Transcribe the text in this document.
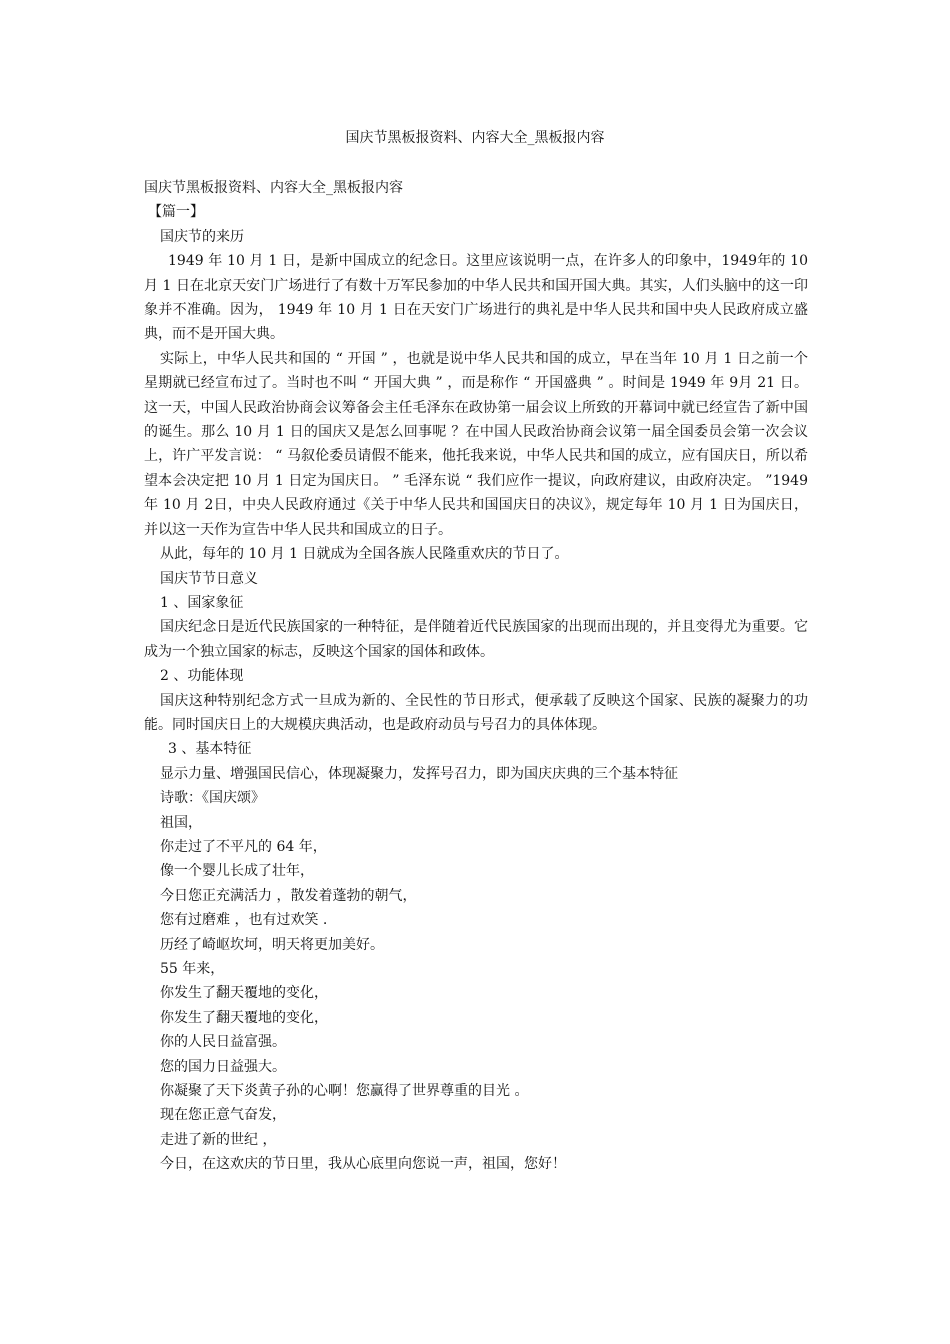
国庆节黑板报资料、内容大全_黑板报内容
国庆节黑板报资料、内容大全_黑板报内容
【篇一】
国庆节的来历
1949 年 10 月 1 日，是新中国成立的纪念日。这里应该说明一点，在许多人的印象中，1949年的 10 月 1 日在北京天安门广场进行了有数十万军民参加的中华人民共和国开国大典。其实，人们头脑中的这一印象并不准确。因为， 1949 年 10 月 1 日在天安门广场进行的典礼是中华人民共和国中央人民政府成立盛典，而不是开国大典。
实际上，中华人民共和国的 “ 开国 ” ，也就是说中华人民共和国的成立，早在当年 10 月 1 日之前一个星期就已经宣布过了。当时也不叫 “ 开国大典 ” ，而是称作 “ 开国盛典 ” 。时间是 1949 年 9月 21 日。这一天，中国人民政治协商会议筹备会主任毛泽东在政协第一届会议上所致的开幕词中就已经宣告了新中国的诞生。那么 10 月 1 日的国庆又是怎么回事呢 ？在中国人民政治协商会议第一届全国委员会第一次会议上，许广平发言说： “ 马叙伦委员请假不能来，他托我来说，中华人民共和国的成立，应有国庆日，所以希望本会决定把 10 月 1 日定为国庆日。 ” 毛泽东说 “ 我们应作一提议，向政府建议，由政府决定。 ”1949 年 10 月 2日，中央人民政府通过《关于中华人民共和国国庆日的决议》，规定每年 10 月 1 日为国庆日，并以这一天作为宣告中华人民共和国成立的日子。
从此，每年的 10 月 1 日就成为全国各族人民隆重欢庆的节日了。
国庆节节日意义
1 、国家象征
国庆纪念日是近代民族国家的一种特征，是伴随着近代民族国家的出现而出现的，并且变得尤为重要。它成为一个独立国家的标志，反映这个国家的国体和政体。
2 、功能体现
国庆这种特别纪念方式一旦成为新的、全民性的节日形式，便承载了反映这个国家、民族的凝聚力的功能。同时国庆日上的大规模庆典活动，也是政府动员与号召力的具体体现。
3 、基本特征
显示力量、增强国民信心，体现凝聚力，发挥号召力，即为国庆庆典的三个基本特征
诗歌：《国庆颂》
祖国，
你走过了不平凡的 64 年，
像一个婴儿长成了壮年，
今日您正充满活力 ，散发着蓬勃的朝气，
您有过磨难 ，也有过欢笑 .
历经了崎岖坎坷，明天将更加美好。
55 年来，
你发生了翻天覆地的变化，
你发生了翻天覆地的变化，
你的人民日益富强。
您的国力日益强大。
你凝聚了天下炎黄子孙的心啊！您赢得了世界尊重的目光 。
现在您正意气奋发，
走进了新的世纪 ，
今日，在这欢庆的节日里，我从心底里向您说一声，祖国，您好！
